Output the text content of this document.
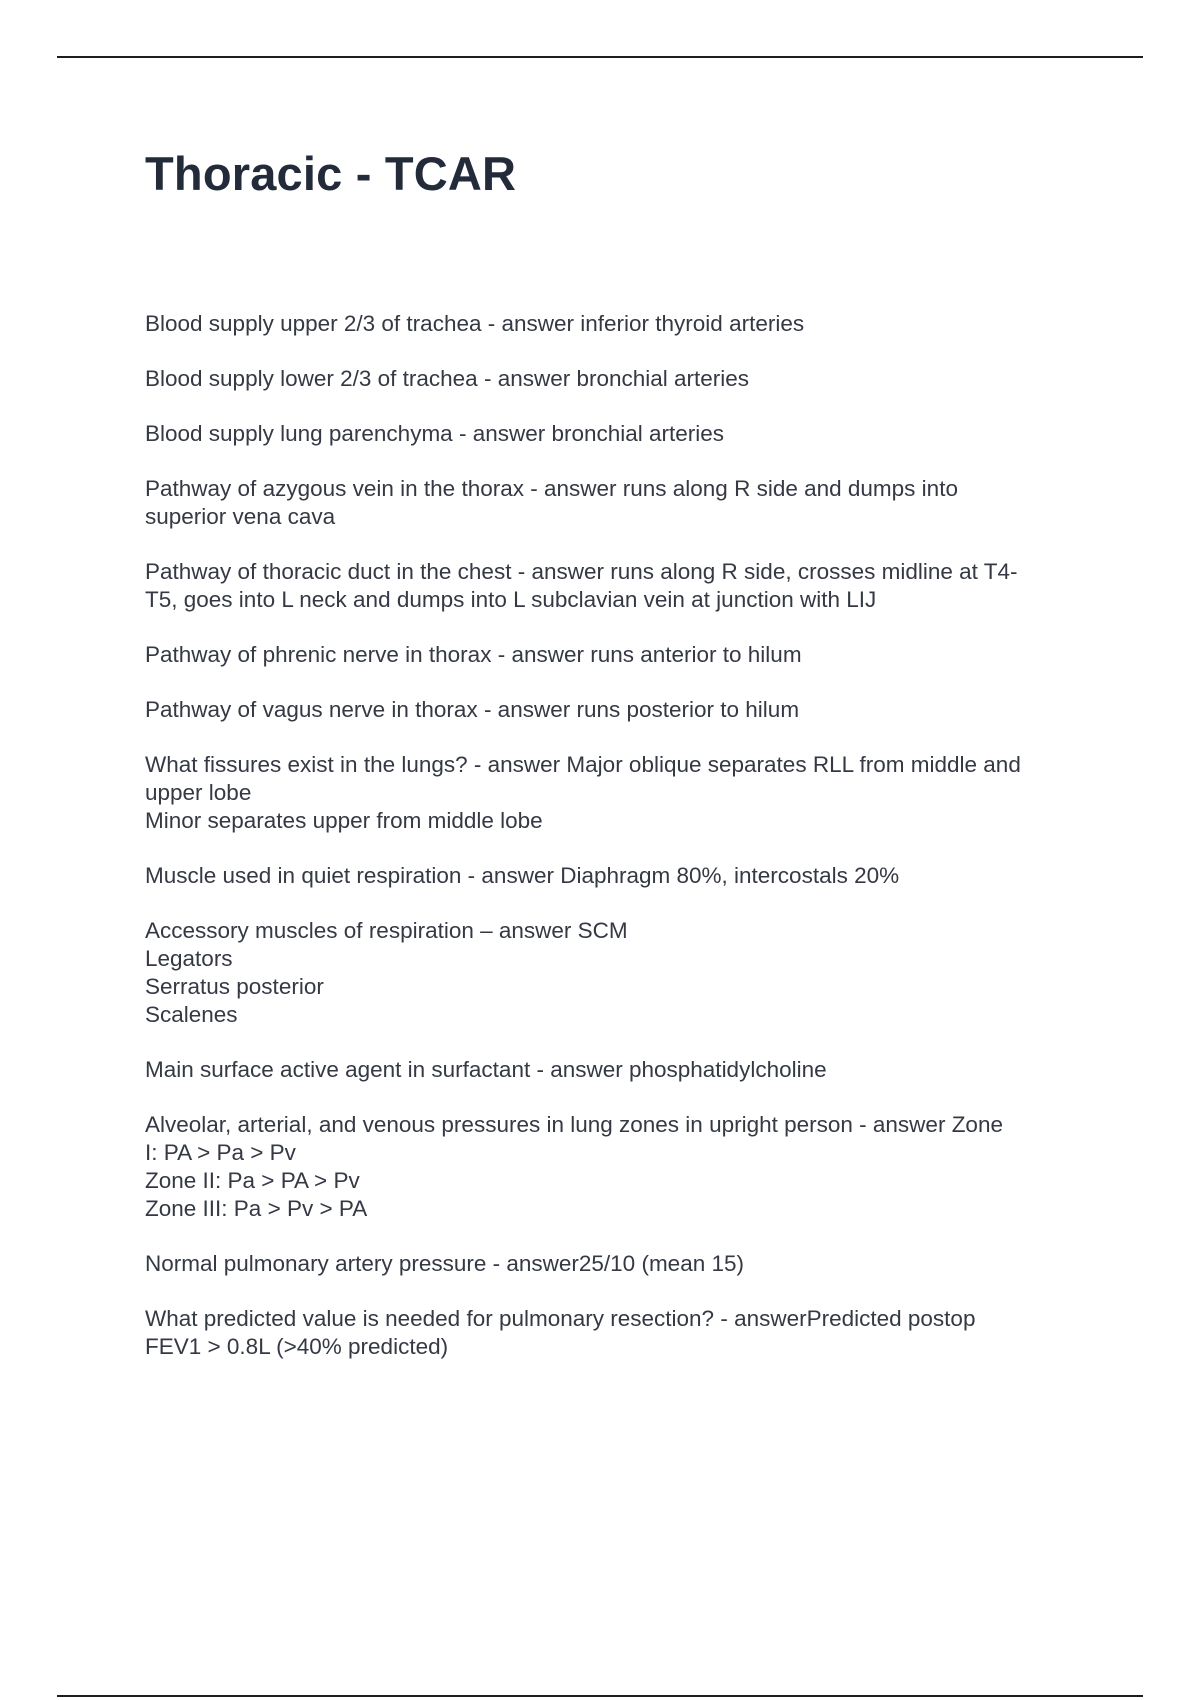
Thoracic - TCAR

Blood supply upper 2/3 of trachea - answer inferior thyroid arteries

Blood supply lower 2/3 of trachea - answer bronchial arteries

Blood supply lung parenchyma - answer bronchial arteries

Pathway of azygous vein in the thorax - answer runs along R side and dumps into
superior vena cava

Pathway of thoracic duct in the chest - answer runs along R side, crosses midline at T4-
T5, goes into L neck and dumps into L subclavian vein at junction with LIJ

Pathway of phrenic nerve in thorax - answer runs anterior to hilum

Pathway of vagus nerve in thorax - answer runs posterior to hilum

What fissures exist in the lungs? - answer Major oblique separates RLL from middle and
upper lobe
Minor separates upper from middle lobe

Muscle used in quiet respiration - answer Diaphragm 80%, intercostals 20%

Accessory muscles of respiration – answer SCM
Legators
Serratus posterior
Scalenes

Main surface active agent in surfactant - answer phosphatidylcholine

Alveolar, arterial, and venous pressures in lung zones in upright person - answer Zone
I: PA > Pa > Pv
Zone II: Pa > PA > Pv
Zone III: Pa > Pv > PA

Normal pulmonary artery pressure - answer25/10 (mean 15)

What predicted value is needed for pulmonary resection? - answerPredicted postop
FEV1 > 0.8L (>40% predicted)
